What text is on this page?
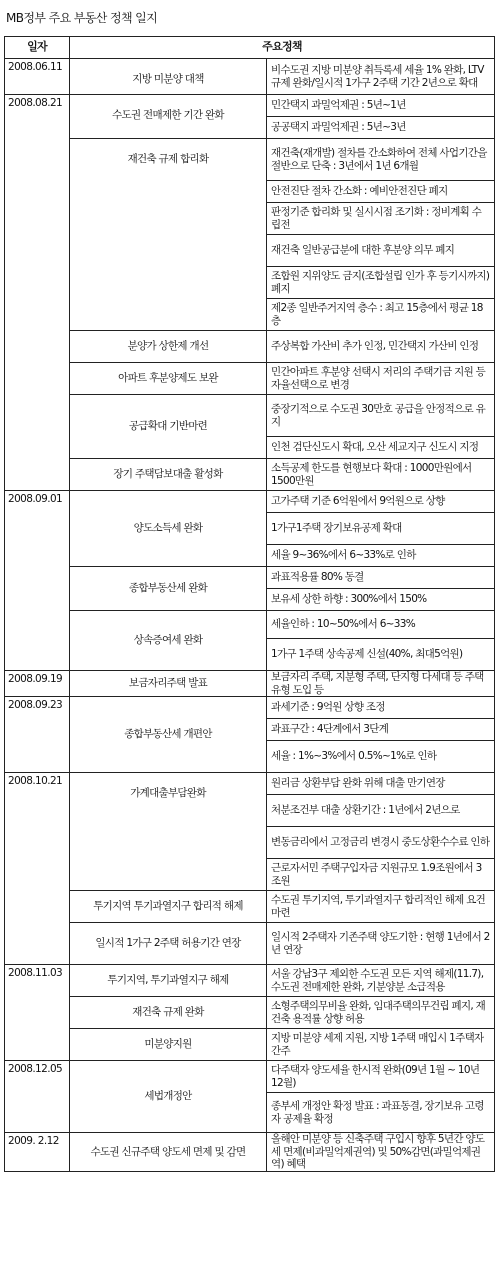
MB정부 주요 부동산 정책 일지
일자	주요정책	
2008.06.11	지방 미분양 대책	비수도권 지방 미분양 취득록세 세율 1% 완화, LTV 규제 완화/일시적 1가구 2주택 기간 2년으로 확대
2008.08.21	수도권 전매제한 기간 완화	민간택지 과밀억제권 : 5년~1년
		공공택지 과밀억제권 : 5년~3년
	재건축 규제 합리화	재건축(재개발) 절차를 간소화하여 전체 사업기간을 절반으로 단축 : 3년에서 1년 6개월
		안전진단 절차 간소화 : 예비안전진단 폐지
		판정기준 합리화 및 실시시점 조기화 : 정비계획 수립전
		재건축 일반공급분에 대한 후분양 의무 폐지
		조합원 지위양도 금지(조합설립 인가 후 등기시까지) 폐지
		제2종 일반주거지역 층수 : 최고 15층에서 평균 18층
	분양가 상한제 개선	주상복합 가산비 추가 인정, 민간택지 가산비 인정
	아파트 후분양제도 보완	민간아파트 후분양 선택시 저리의 주택기금 지원 등 자율선택으로 변경
	공급확대 기반마련	중장기적으로 수도권 30만호 공급을 안정적으로 유지
		인천 검단신도시 확대, 오산 세교지구 신도시 지정
	장기 주택담보대출 활성화	소득공제 한도를 현행보다 확대 : 1000만원에서 1500만원
2008.09.01	양도소득세 완화	고가주택 기준 6억원에서 9억원으로 상향
		1가구1주택 장기보유공제 확대
		세율 9~36%에서 6~33%로 인하
	종합부동산세 완화	과표적용률 80% 동결
		보유세 상한 하향 : 300%에서 150%
	상속증여세 완화	세율인하 : 10~50%에서 6~33%
		1가구 1주택 상속공제 신설(40%, 최대5억원)
2008.09.19	보금자리주택 발표	보금자리 주택, 지분형 주택, 단지형 다세대 등 주택 유형 도입 등
2008.09.23	종합부동산세 개편안	과세기준 : 9억원 상향 조정
		과표구간 : 4단계에서 3단계
		세율 : 1%~3%에서 0.5%~1%로 인하
2008.10.21	가계대출부담완화	원리금 상환부담 완화 위해 대출 만기연장
		처분조건부 대출 상환기간 : 1년에서 2년으로
		변동금리에서 고정금리 변경시 중도상환수수료 인하
		근로자서민 주택구입자금 지원규모 1.9조원에서 3조원
	투기지역 투기과열지구 합리적 해제	수도권 투기지역, 투기과열지구 합리적인 해제 요건 마련
	일시적 1가구 2주택 허용기간 연장	일시적 2주택자 기존주택 양도기한 : 현행 1년에서 2년 연장
2008.11.03	투기지역, 투기과열지구 해제	서울 강남3구 제외한 수도권 모든 지역 해제(11.7), 수도권 전매제한 완화, 기분양분 소급적용
	재건축 규제 완화	소형주택의무비율 완화, 임대주택의무건립 폐지, 재건축 용적률 상향 허용
	미분양지원	지방 미분양 세제 지원, 지방 1주택 매입시 1주택자 간주
2008.12.05	세법개정안	다주택자 양도세율 한시적 완화(09년 1월 ~ 10년 12월)
		종부세 개정안 확정 발표 : 과표동결, 장기보유 고령자 공제율 확정
2009. 2.12	수도권 신규주택 양도세 면제 및 감면	올해안 미분양 등 신축주택 구입시 향후 5년간 양도세 면제(비과밀억제권역) 및 50%감면(과밀억제권역) 혜택
